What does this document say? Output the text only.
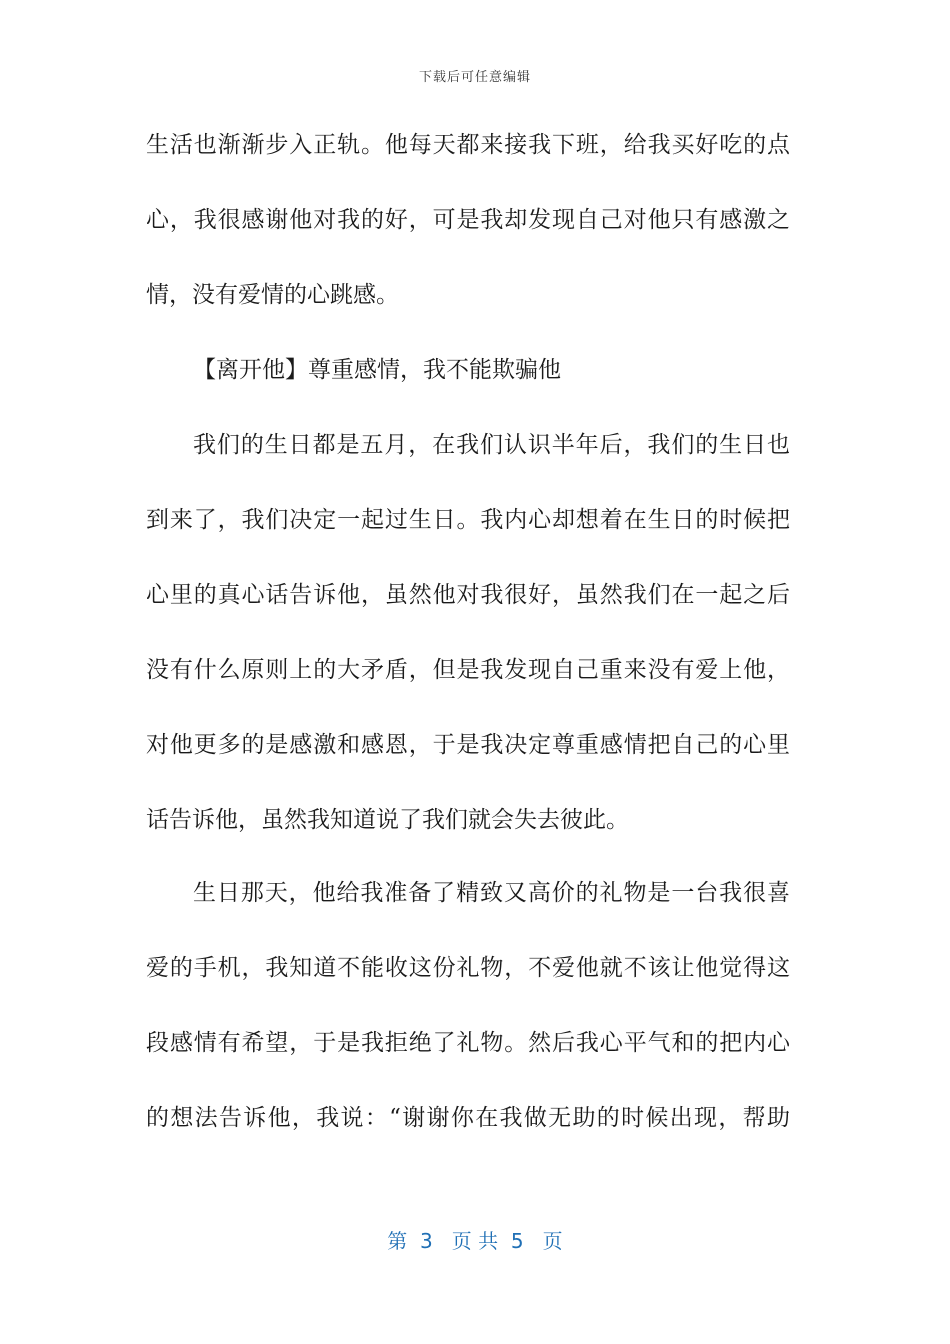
下载后可任意编辑
生活也渐渐步入正轨。他每天都来接我下班，给我买好吃的点
心，我很感谢他对我的好，可是我却发现自己对他只有感激之
情，没有爱情的心跳感。
【离开他】尊重感情，我不能欺骗他
我们的生日都是五月，在我们认识半年后，我们的生日也
到来了，我们决定一起过生日。我内心却想着在生日的时候把
心里的真心话告诉他，虽然他对我很好，虽然我们在一起之后
没有什么原则上的大矛盾，但是我发现自己重来没有爱上他，
对他更多的是感激和感恩，于是我决定尊重感情把自己的心里
话告诉他，虽然我知道说了我们就会失去彼此。
生日那天，他给我准备了精致又高价的礼物是一台我很喜
爱的手机，我知道不能收这份礼物，不爱他就不该让他觉得这
段感情有希望，于是我拒绝了礼物。然后我心平气和的把内心
的想法告诉他，我说：“谢谢你在我做无助的时候出现，帮助
第  3   页 共  5   页
